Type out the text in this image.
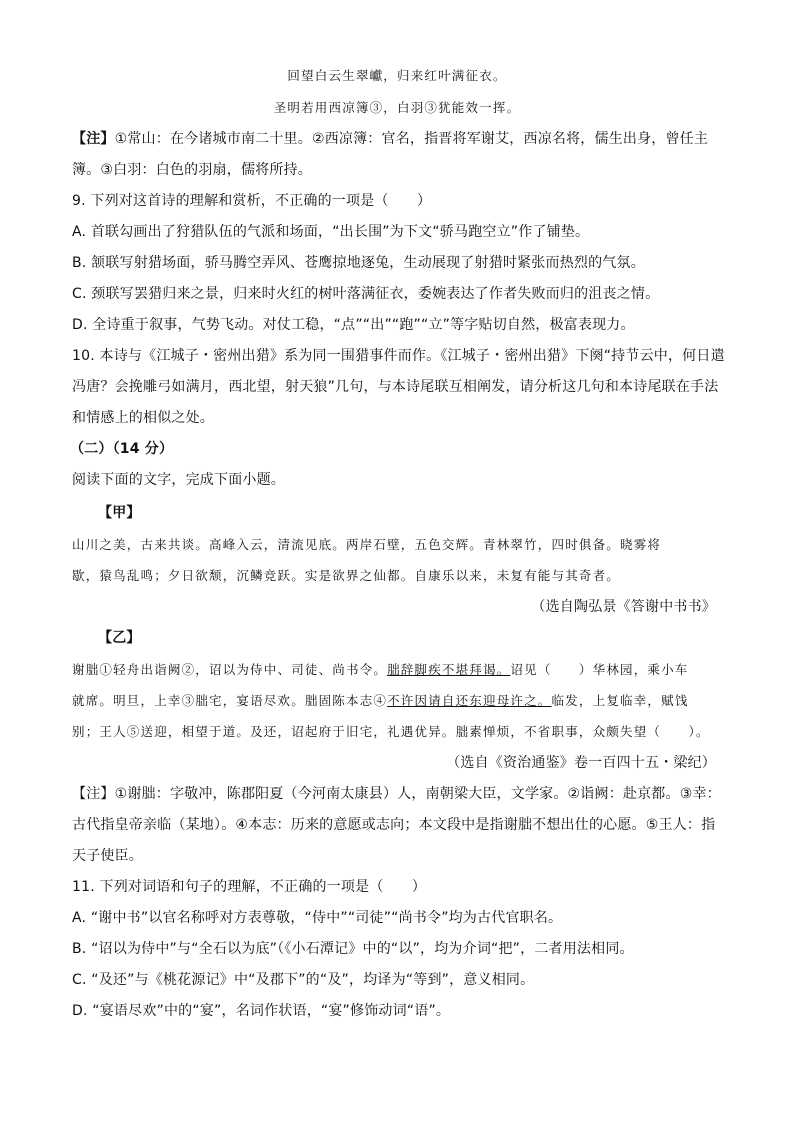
回望白云生翠巘，归来红叶满征衣。
圣明若用西凉簿③，白羽③犹能效一挥。
【注】①常山：在今诸城市南二十里。②西凉簿：官名，指晋将军谢艾，西凉名将，儒生出身，曾任主
簿。③白羽：白色的羽扇，儒将所持。
9. 下列对这首诗的理解和赏析，不正确的一项是（　　）
A. 首联勾画出了狩猎队伍的气派和场面，“出长围”为下文“骄马跑空立”作了铺垫。
B. 颔联写射猎场面，骄马腾空弄风、苍鹰掠地逐兔，生动展现了射猎时紧张而热烈的气氛。
C. 颈联写罢猎归来之景，归来时火红的树叶落满征衣，委婉表达了作者失败而归的沮丧之情。
D. 全诗重于叙事，气势飞动。对仗工稳，“点”“出”“跑”“立”等字贴切自然，极富表现力。
10. 本诗与《江城子・密州出猎》系为同一围猎事件而作。《江城子・密州出猎》下阕“持节云中，何日遣
冯唐？会挽雕弓如满月，西北望，射天狼”几句，与本诗尾联互相阐发，请分析这几句和本诗尾联在手法
和情感上的相似之处。
（二）（14 分）
阅读下面的文字，完成下面小题。
【甲】
山川之美，古来共谈。高峰入云，清流见底。两岸石壁，五色交辉。青林翠竹，四时俱备。晓雾将
歇，猿鸟乱鸣；夕日欲颓，沉鳞竞跃。实是欲界之仙都。自康乐以来，未复有能与其奇者。
（选自陶弘景《答谢中书书》
【乙】
谢朏①轻舟出诣阙②，诏以为侍中、司徒、尚书令。朏辞脚疾不堪拜谒。诏见（　　）华林园，乘小车
就席。明旦，上幸③朏宅，宴语尽欢。朏固陈本志④不许因请自还东迎母许之。临发，上复临幸，赋饯
别；王人⑤送迎，相望于道。及还，诏起府于旧宅，礼遇优异。朏素惮烦，不省职事，众颇失望（　　）。
（选自《资治通鉴》卷一百四十五・梁纪）
【注】①谢朏：字敬冲，陈郡阳夏（今河南太康县）人，南朝梁大臣，文学家。②诣阙：赴京都。③幸：
古代指皇帝亲临（某地）。④本志：历来的意愿或志向；本文段中是指谢朏不想出仕的心愿。⑤王人：指
天子使臣。
11. 下列对词语和句子的理解，不正确的一项是（　　）
A. “谢中书”以官名称呼对方表尊敬，“侍中”“司徒”“尚书令”均为古代官职名。
B. “诏以为侍中”与“全石以为底”（《小石潭记》中的“以”，均为介词“把”，二者用法相同。
C. “及还”与《桃花源记》中“及郡下”的“及”，均译为“等到”，意义相同。
D. “宴语尽欢”中的“宴”，名词作状语，“宴”修饰动词“语”。
